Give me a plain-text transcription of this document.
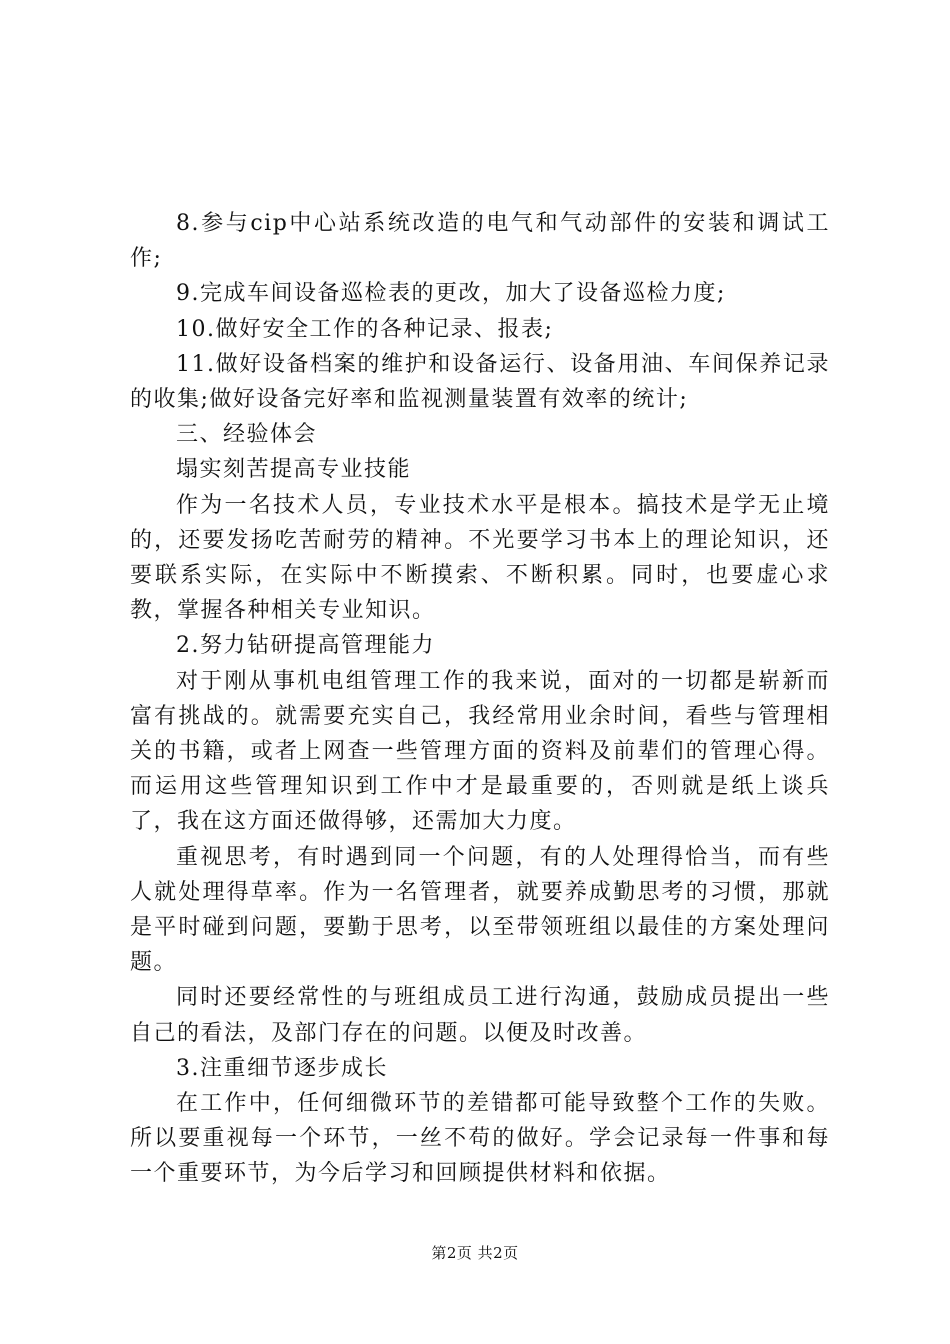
8.参与cip中心站系统改造的电气和气动部件的安装和调试工作;

9.完成车间设备巡检表的更改，加大了设备巡检力度;

10.做好安全工作的各种记录、报表;

11.做好设备档案的维护和设备运行、设备用油、车间保养记录的收集;做好设备完好率和监视测量装置有效率的统计;

三、经验体会

塌实刻苦提高专业技能

作为一名技术人员，专业技术水平是根本。搞技术是学无止境的，还要发扬吃苦耐劳的精神。不光要学习书本上的理论知识，还要联系实际，在实际中不断摸索、不断积累。同时，也要虚心求教，掌握各种相关专业知识。

2.努力钻研提高管理能力

对于刚从事机电组管理工作的我来说，面对的一切都是崭新而富有挑战的。就需要充实自己，我经常用业余时间，看些与管理相关的书籍，或者上网查一些管理方面的资料及前辈们的管理心得。而运用这些管理知识到工作中才是最重要的，否则就是纸上谈兵了，我在这方面还做得够，还需加大力度。

重视思考，有时遇到同一个问题，有的人处理得恰当，而有些人就处理得草率。作为一名管理者，就要养成勤思考的习惯，那就是平时碰到问题，要勤于思考，以至带领班组以最佳的方案处理问题。

同时还要经常性的与班组成员工进行沟通，鼓励成员提出一些自己的看法，及部门存在的问题。以便及时改善。

3.注重细节逐步成长

在工作中，任何细微环节的差错都可能导致整个工作的失败。所以要重视每一个环节，一丝不苟的做好。学会记录每一件事和每一个重要环节，为今后学习和回顾提供材料和依据。

第2页 共2页
